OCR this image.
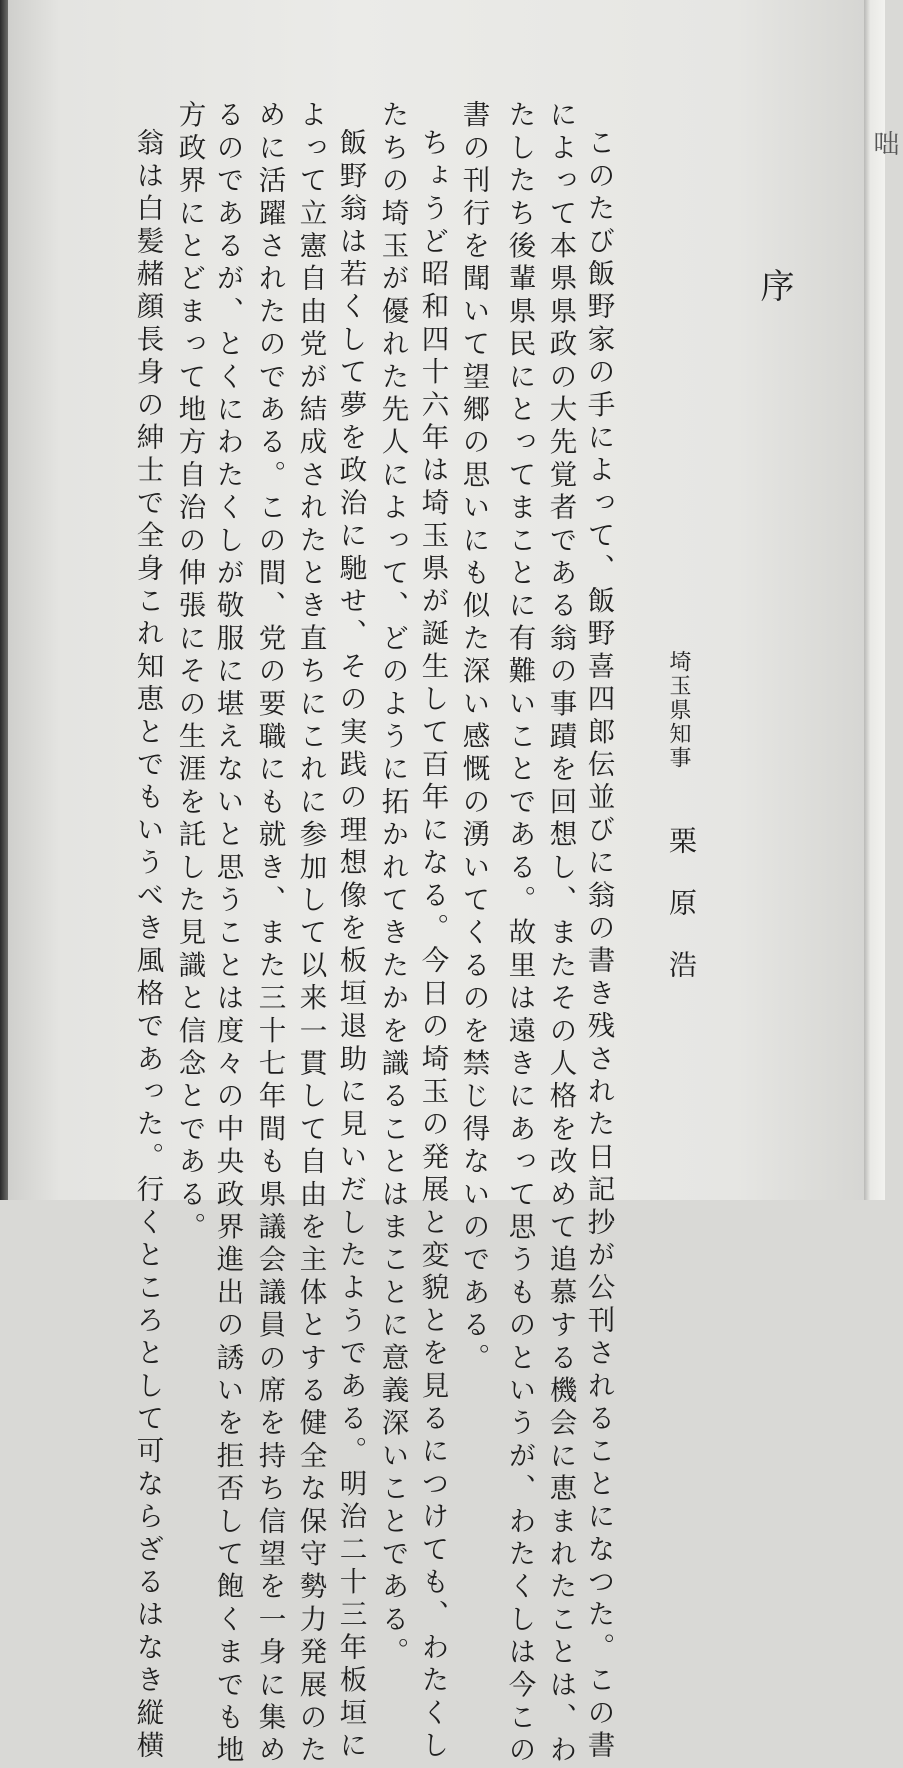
咄
序
このたび飯野家の手によって、飯野喜四郎伝並びに翁の書き残された日記抄が公刊されることになつた。この書
によって本県県政の大先覚者である翁の事蹟を回想し、またその人格を改めて追慕する機会に恵まれたことは、わ
たしたち後輩県民にとってまことに有難いことである。故里は遠きにあって思うものというが、わたくしは今この
書の刊行を聞いて望郷の思いにも似た深い感慨の湧いてくるのを禁じ得ないのである。
ちょうど昭和四十六年は埼玉県が誕生して百年になる。今日の埼玉の発展と変貌とを見るにつけても、わたくし
たちの埼玉が優れた先人によって、どのように拓かれてきたかを識ることはまことに意義深いことである。
飯野翁は若くして夢を政治に馳せ、その実践の理想像を板垣退助に見いだしたようである。明治二十三年板垣に
よって立憲自由党が結成されたとき直ちにこれに参加して以来一貫して自由を主体とする健全な保守勢力発展のた
めに活躍されたのである。この間、党の要職にも就き、また三十七年間も県議会議員の席を持ち信望を一身に集め
るのであるが、とくにわたくしが敬服に堪えないと思うことは度々の中央政界進出の誘いを拒否して飽くまでも地
方政界にとどまって地方自治の伸張にその生涯を託した見識と信念とである。
翁は白髪赭顔長身の紳士で全身これ知恵とでもいうべき風格であった。行くところとして可ならざるはなき縦横	埼玉県知事
栗原浩
